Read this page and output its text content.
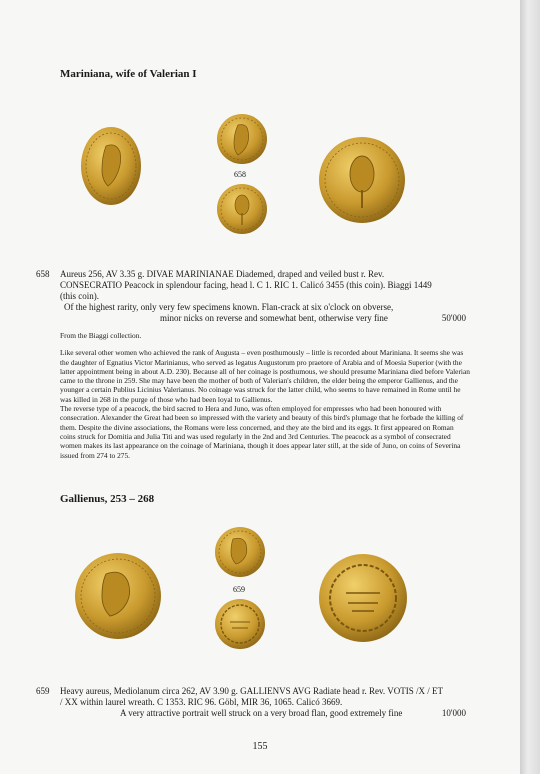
Mariniana, wife of Valerian I
658
658 Aureus 256, AV 3.35 g. DIVAE MARINIANAE Diademed, draped and veiled bust r. Rev.
CONSECRATIO Peacock in splendour facing, head l. C 1. RIC 1. Calicó 3455 (this coin). Biaggi 1449
(this coin).
Of the highest rarity, only very few specimens known. Flan-crack at six o'clock on obverse,
minor nicks on reverse and somewhat bent, otherwise very fine	50'000

From the Biaggi collection.

Like several other women who achieved the rank of Augusta – even posthumously – little is recorded about Mariniana. It seems she was the daughter of Egnatius Victor Marinianus, who served as legatus Augustorum pro praetore of Arabia and of Moesia Superior (with the latter appointment being in about A.D. 230). Because all of her coinage is posthumous, we should presume Mariniana died before Valerian came to the throne in 259. She may have been the mother of both of Valerian's children, the elder being the emperor Gallienus, and the younger a certain Publius Licinius Valerianus. No coinage was struck for the latter child, who seems to have remained in Rome until he was killed in 268 in the purge of those who had been loyal to Gallienus.

The reverse type of a peacock, the bird sacred to Hera and Juno, was often employed for empresses who had been honoured with consecration. Alexander the Great had been so impressed with the variety and beauty of this bird's plumage that he forbade the killing of them. Despite the divine associations, the Romans were less concerned, and they ate the bird and its eggs. It first appeared on Roman coins struck for Domitia and Julia Titi and was used regularly in the 2nd and 3rd Centuries. The peacock as a symbol of consecrated women makes its last appearance on the coinage of Mariniana, though it does appear later still, at the side of Juno, on coins of Severina issued from 274 to 275.

Gallienus, 253 – 268
659
659 Heavy aureus, Mediolanum circa 262, AV 3.90 g. GALLIENVS AVG Radiate head r. Rev. VOTIS /X / ET
/ XX within laurel wreath. C 1353. RIC 96. Göbl, MIR 36, 1065. Calicó 3669.
A very attractive portrait well struck on a very broad flan, good extremely fine	10'000
155
